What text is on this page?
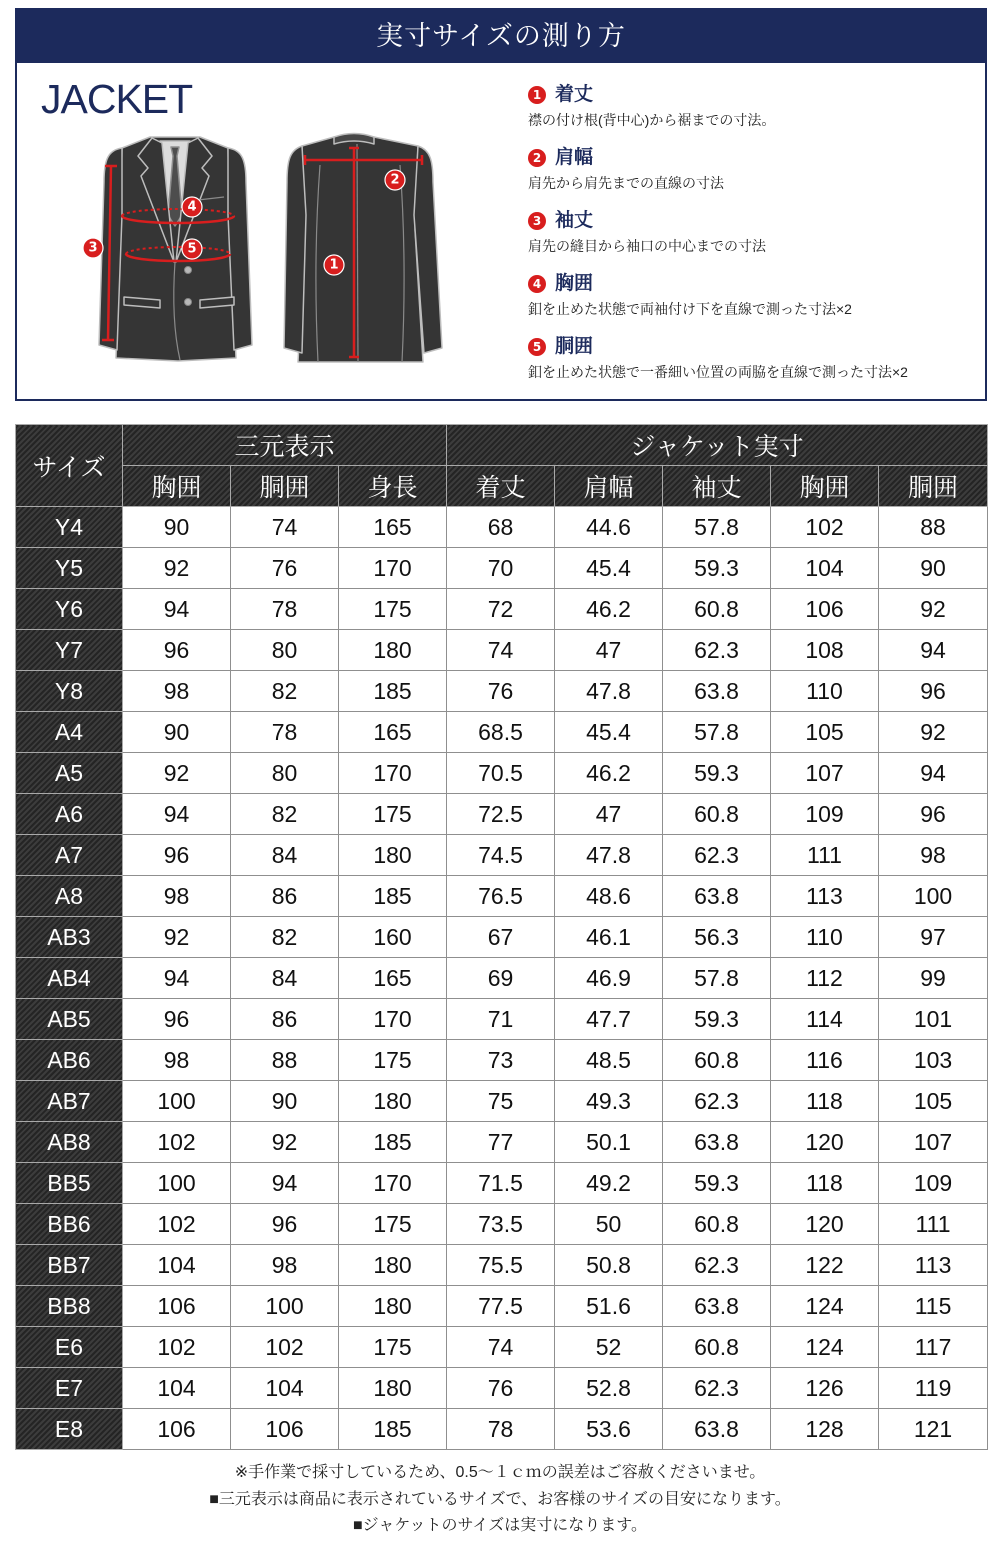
実寸サイズの測り方
JACKET
3
4
5
2
1
1 着丈
襟の付け根(背中心)から裾までの寸法。
2 肩幅
肩先から肩先までの直線の寸法
3 袖丈
肩先の縫目から袖口の中心までの寸法
4 胸囲
釦を止めた状態で両袖付け下を直線で測った寸法×2
5 胴囲
釦を止めた状態で一番細い位置の両脇を直線で測った寸法×2
サイズ	三元表示			ジャケット実寸				
	胸囲	胴囲	身長	着丈	肩幅	袖丈	胸囲	胴囲
Y4	90	74	165	68	44.6	57.8	102	88
Y5	92	76	170	70	45.4	59.3	104	90
Y6	94	78	175	72	46.2	60.8	106	92
Y7	96	80	180	74	47	62.3	108	94
Y8	98	82	185	76	47.8	63.8	110	96
A4	90	78	165	68.5	45.4	57.8	105	92
A5	92	80	170	70.5	46.2	59.3	107	94
A6	94	82	175	72.5	47	60.8	109	96
A7	96	84	180	74.5	47.8	62.3	111	98
A8	98	86	185	76.5	48.6	63.8	113	100
AB3	92	82	160	67	46.1	56.3	110	97
AB4	94	84	165	69	46.9	57.8	112	99
AB5	96	86	170	71	47.7	59.3	114	101
AB6	98	88	175	73	48.5	60.8	116	103
AB7	100	90	180	75	49.3	62.3	118	105
AB8	102	92	185	77	50.1	63.8	120	107
BB5	100	94	170	71.5	49.2	59.3	118	109
BB6	102	96	175	73.5	50	60.8	120	111
BB7	104	98	180	75.5	50.8	62.3	122	113
BB8	106	100	180	77.5	51.6	63.8	124	115
E6	102	102	175	74	52	60.8	124	117
E7	104	104	180	76	52.8	62.3	126	119
E8	106	106	185	78	53.6	63.8	128	121
※手作業で採寸しているため、0.5～１ｃｍの誤差はご容赦くださいませ。
■三元表示は商品に表示されているサイズで、お客様のサイズの目安になります。
■ジャケットのサイズは実寸になります。
